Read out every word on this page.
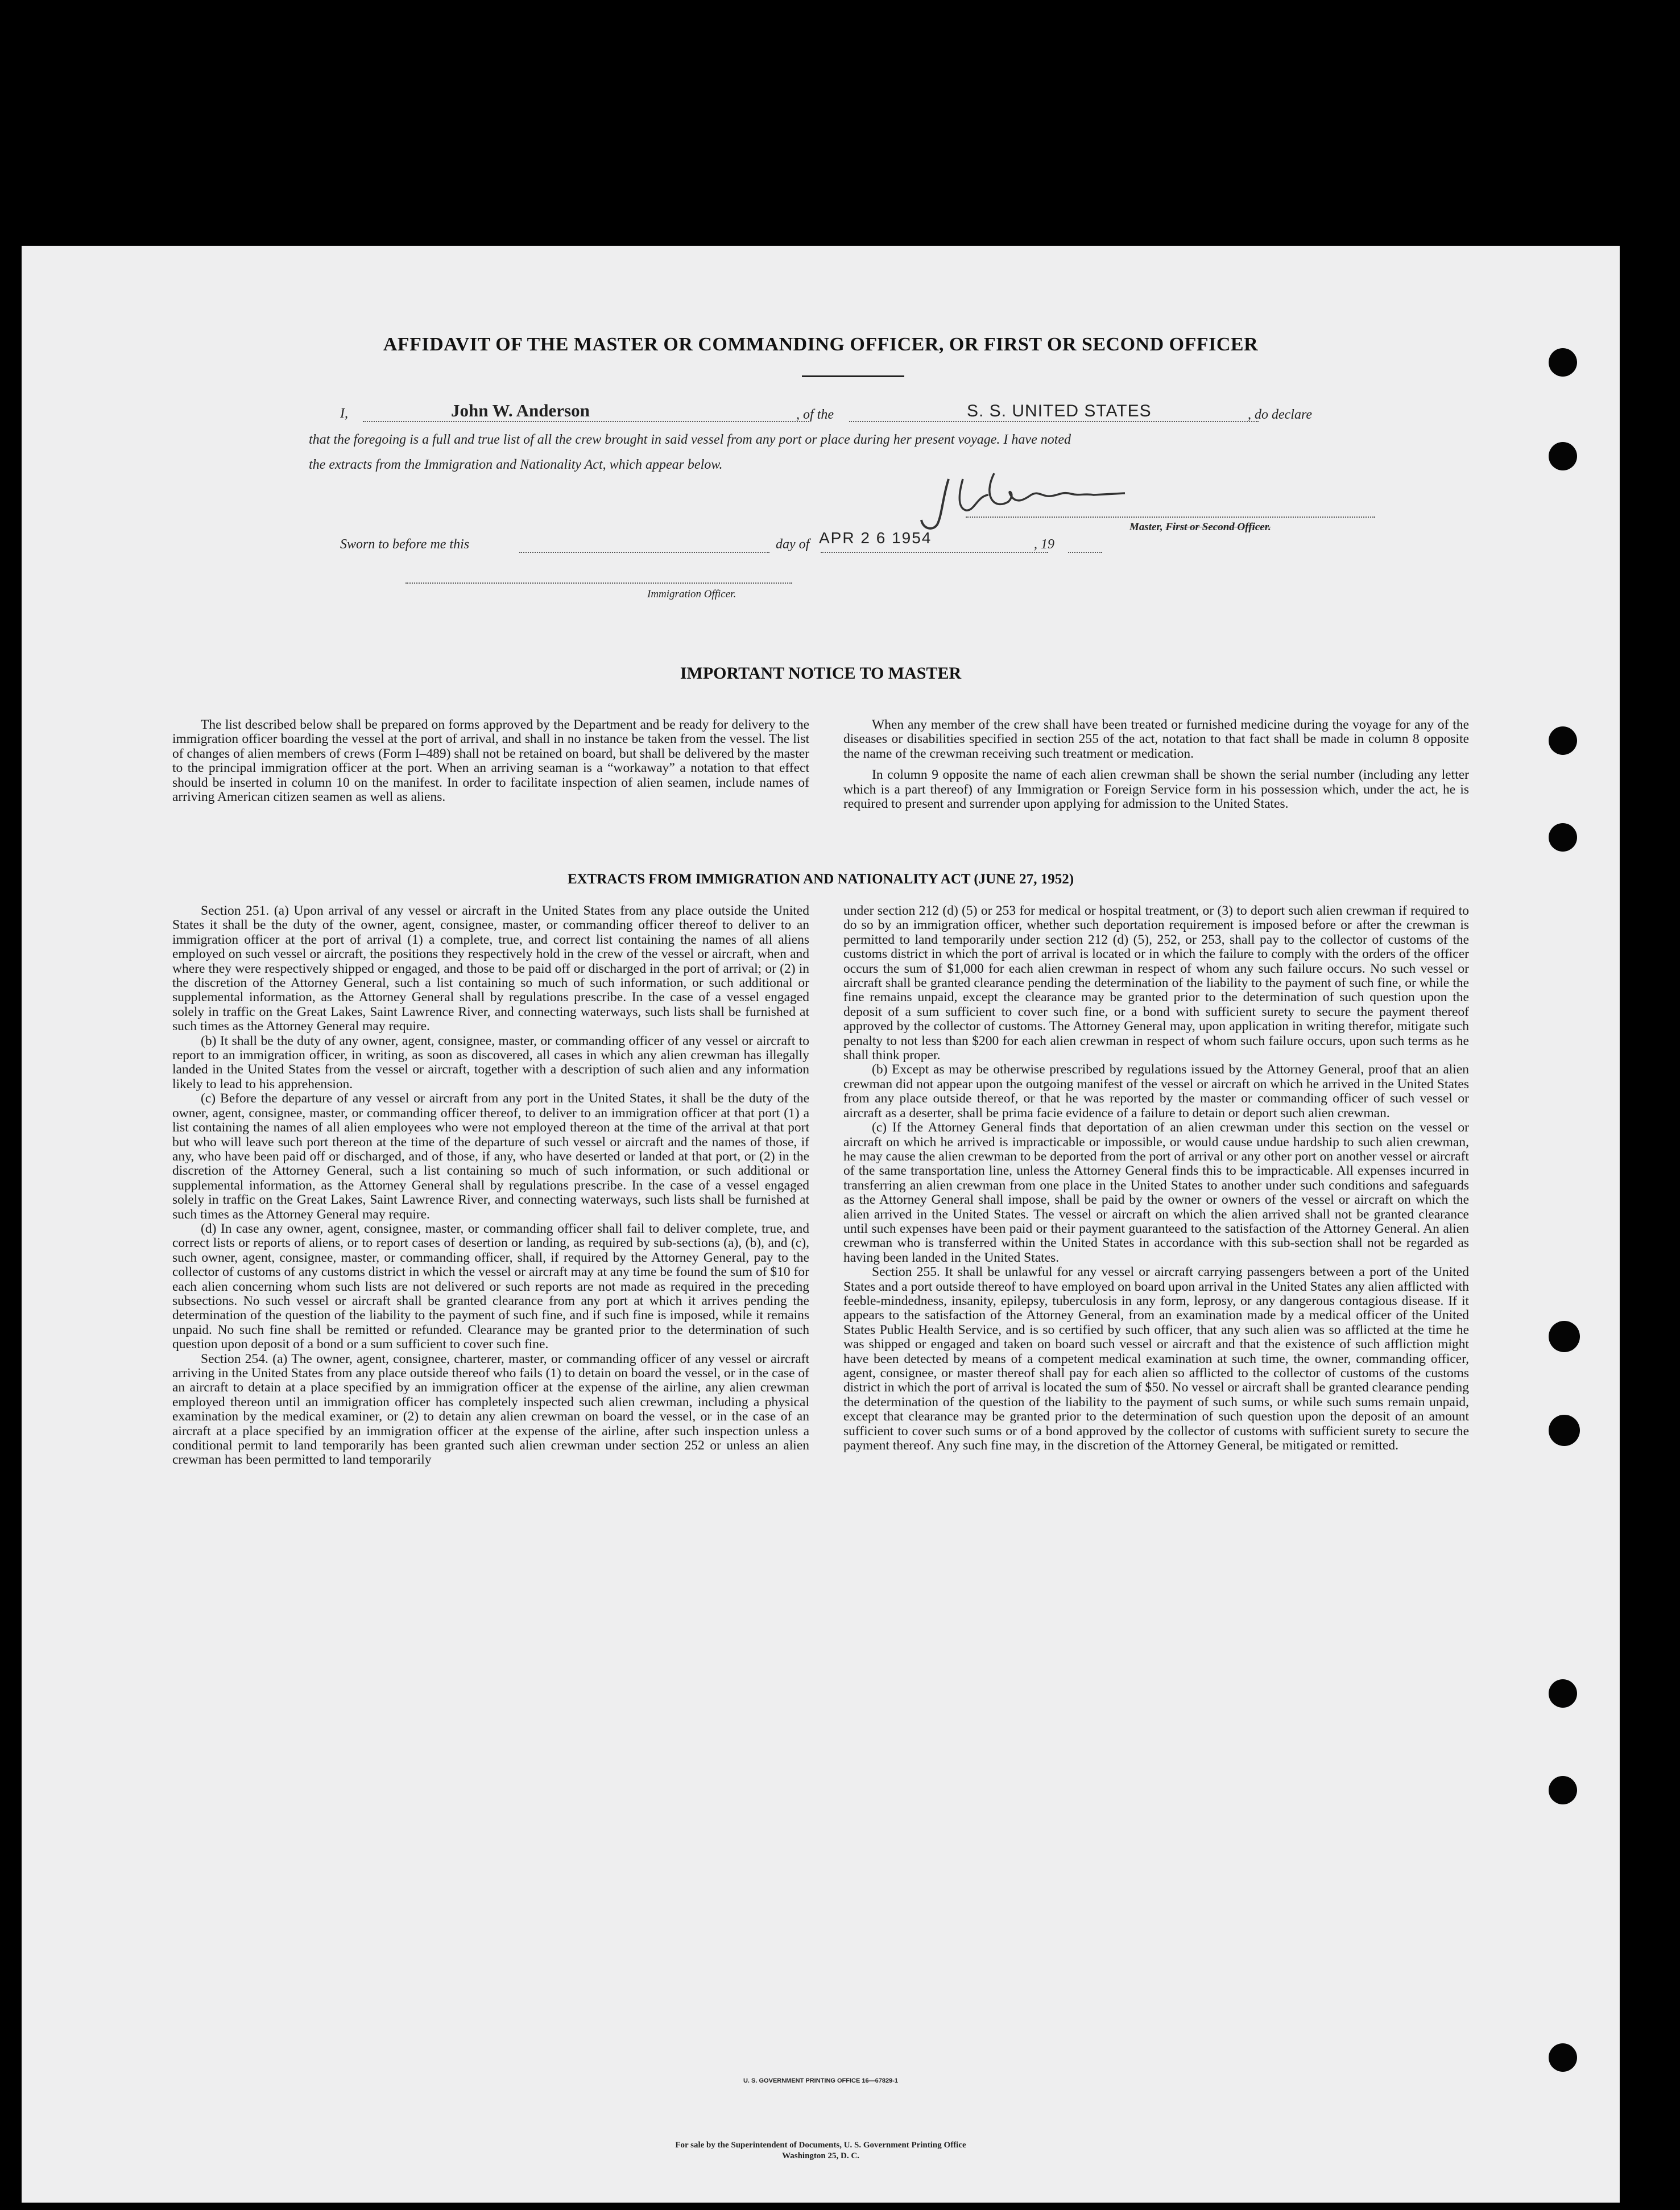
AFFIDAVIT OF THE MASTER OR COMMANDING OFFICER, OR FIRST OR SECOND OFFICER
I,	John W. Anderson	, of the	S. S. UNITED STATES	, do declare
that the foregoing is a full and true list of all the crew brought in said vessel from any port or place during her present voyage. I have noted
the extracts from the Immigration and Nationality Act, which appear below.
Master, First or Second Officer.
Sworn to before me this	day of APR 2 6 1954	, 19
Immigration Officer.
IMPORTANT NOTICE TO MASTER

The list described below shall be prepared on forms approved by the Department and be ready for delivery to the immigration officer boarding the vessel at the port of arrival, and shall in no instance be taken from the vessel. The list of changes of alien members of crews (Form I–489) shall not be retained on board, but shall be delivered by the master to the principal immigration officer at the port. When an arriving seaman is a “workaway” a notation to that effect should be inserted in column 10 on the manifest. In order to facilitate inspection of alien seamen, include names of arriving American citizen seamen as well as aliens.

When any member of the crew shall have been treated or furnished medicine during the voyage for any of the diseases or disabilities specified in section 255 of the act, notation to that fact shall be made in column 8 opposite the name of the crewman receiving such treatment or medication.

In column 9 opposite the name of each alien crewman shall be shown the serial number (including any letter which is a part thereof) of any Immigration or Foreign Service form in his possession which, under the act, he is required to present and surrender upon applying for admission to the United States.

EXTRACTS FROM IMMIGRATION AND NATIONALITY ACT (JUNE 27, 1952)

Section 251. (a) Upon arrival of any vessel or aircraft in the United States from any place outside the United States it shall be the duty of the owner, agent, consignee, master, or commanding officer thereof to deliver to an immigration officer at the port of arrival (1) a complete, true, and correct list containing the names of all aliens employed on such vessel or aircraft, the positions they respectively hold in the crew of the vessel or aircraft, when and where they were respectively shipped or engaged, and those to be paid off or discharged in the port of arrival; or (2) in the discretion of the Attorney General, such a list containing so much of such information, or such additional or supplemental information, as the Attorney General shall by regulations prescribe. In the case of a vessel engaged solely in traffic on the Great Lakes, Saint Lawrence River, and connecting waterways, such lists shall be furnished at such times as the Attorney General may require.

(b) It shall be the duty of any owner, agent, consignee, master, or commanding officer of any vessel or aircraft to report to an immigration officer, in writing, as soon as discovered, all cases in which any alien crewman has illegally landed in the United States from the vessel or aircraft, together with a description of such alien and any information likely to lead to his apprehension.

(c) Before the departure of any vessel or aircraft from any port in the United States, it shall be the duty of the owner, agent, consignee, master, or commanding officer thereof, to deliver to an immigration officer at that port (1) a list containing the names of all alien employees who were not employed thereon at the time of the arrival at that port but who will leave such port thereon at the time of the departure of such vessel or aircraft and the names of those, if any, who have been paid off or discharged, and of those, if any, who have deserted or landed at that port, or (2) in the discretion of the Attorney General, such a list containing so much of such information, or such additional or supplemental information, as the Attorney General shall by regulations prescribe. In the case of a vessel engaged solely in traffic on the Great Lakes, Saint Lawrence River, and connecting waterways, such lists shall be furnished at such times as the Attorney General may require.

(d) In case any owner, agent, consignee, master, or commanding officer shall fail to deliver complete, true, and correct lists or reports of aliens, or to report cases of desertion or landing, as required by sub-sections (a), (b), and (c), such owner, agent, consignee, master, or commanding officer, shall, if required by the Attorney General, pay to the collector of customs of any customs district in which the vessel or aircraft may at any time be found the sum of $10 for each alien concerning whom such lists are not delivered or such reports are not made as required in the preceding subsections. No such vessel or aircraft shall be granted clearance from any port at which it arrives pending the determination of the question of the liability to the payment of such fine, and if such fine is imposed, while it remains unpaid. No such fine shall be remitted or refunded. Clearance may be granted prior to the determination of such question upon deposit of a bond or a sum sufficient to cover such fine.

Section 254. (a) The owner, agent, consignee, charterer, master, or commanding officer of any vessel or aircraft arriving in the United States from any place outside thereof who fails (1) to detain on board the vessel, or in the case of an aircraft to detain at a place specified by an immigration officer at the expense of the airline, any alien crewman employed thereon until an immigration officer has completely inspected such alien crewman, including a physical examination by the medical examiner, or (2) to detain any alien crewman on board the vessel, or in the case of an aircraft at a place specified by an immigration officer at the expense of the airline, after such inspection unless a conditional permit to land temporarily has been granted such alien crewman under section 252 or unless an alien crewman has been permitted to land temporarily

under section 212 (d) (5) or 253 for medical or hospital treatment, or (3) to deport such alien crewman if required to do so by an immigration officer, whether such deportation requirement is imposed before or after the crewman is permitted to land temporarily under section 212 (d) (5), 252, or 253, shall pay to the collector of customs of the customs district in which the port of arrival is located or in which the failure to comply with the orders of the officer occurs the sum of $1,000 for each alien crewman in respect of whom any such failure occurs. No such vessel or aircraft shall be granted clearance pending the determination of the liability to the payment of such fine, or while the fine remains unpaid, except the clearance may be granted prior to the determination of such question upon the deposit of a sum sufficient to cover such fine, or a bond with sufficient surety to secure the payment thereof approved by the collector of customs. The Attorney General may, upon application in writing therefor, mitigate such penalty to not less than $200 for each alien crewman in respect of whom such failure occurs, upon such terms as he shall think proper.

(b) Except as may be otherwise prescribed by regulations issued by the Attorney General, proof that an alien crewman did not appear upon the outgoing manifest of the vessel or aircraft on which he arrived in the United States from any place outside thereof, or that he was reported by the master or commanding officer of such vessel or aircraft as a deserter, shall be prima facie evidence of a failure to detain or deport such alien crewman.

(c) If the Attorney General finds that deportation of an alien crewman under this section on the vessel or aircraft on which he arrived is impracticable or impossible, or would cause undue hardship to such alien crewman, he may cause the alien crewman to be deported from the port of arrival or any other port on another vessel or aircraft of the same transportation line, unless the Attorney General finds this to be impracticable. All expenses incurred in transferring an alien crewman from one place in the United States to another under such conditions and safeguards as the Attorney General shall impose, shall be paid by the owner or owners of the vessel or aircraft on which the alien arrived in the United States. The vessel or aircraft on which the alien arrived shall not be granted clearance until such expenses have been paid or their payment guaranteed to the satisfaction of the Attorney General. An alien crewman who is transferred within the United States in accordance with this sub-section shall not be regarded as having been landed in the United States.

Section 255. It shall be unlawful for any vessel or aircraft carrying passengers between a port of the United States and a port outside thereof to have employed on board upon arrival in the United States any alien afflicted with feeble-mindedness, insanity, epilepsy, tuberculosis in any form, leprosy, or any dangerous contagious disease. If it appears to the satisfaction of the Attorney General, from an examination made by a medical officer of the United States Public Health Service, and is so certified by such officer, that any such alien was so afflicted at the time he was shipped or engaged and taken on board such vessel or aircraft and that the existence of such affliction might have been detected by means of a competent medical examination at such time, the owner, commanding officer, agent, consignee, or master thereof shall pay for each alien so afflicted to the collector of customs of the customs district in which the port of arrival is located the sum of $50. No vessel or aircraft shall be granted clearance pending the determination of the question of the liability to the payment of such sums, or while such sums remain unpaid, except that clearance may be granted prior to the determination of such question upon the deposit of an amount sufficient to cover such sums or of a bond approved by the collector of customs with sufficient surety to secure the payment thereof. Any such fine may, in the discretion of the Attorney General, be mitigated or remitted.

U. S. GOVERNMENT PRINTING OFFICE 16—67829-1
For sale by the Superintendent of Documents, U. S. Government Printing Office
Washington 25, D. C.
